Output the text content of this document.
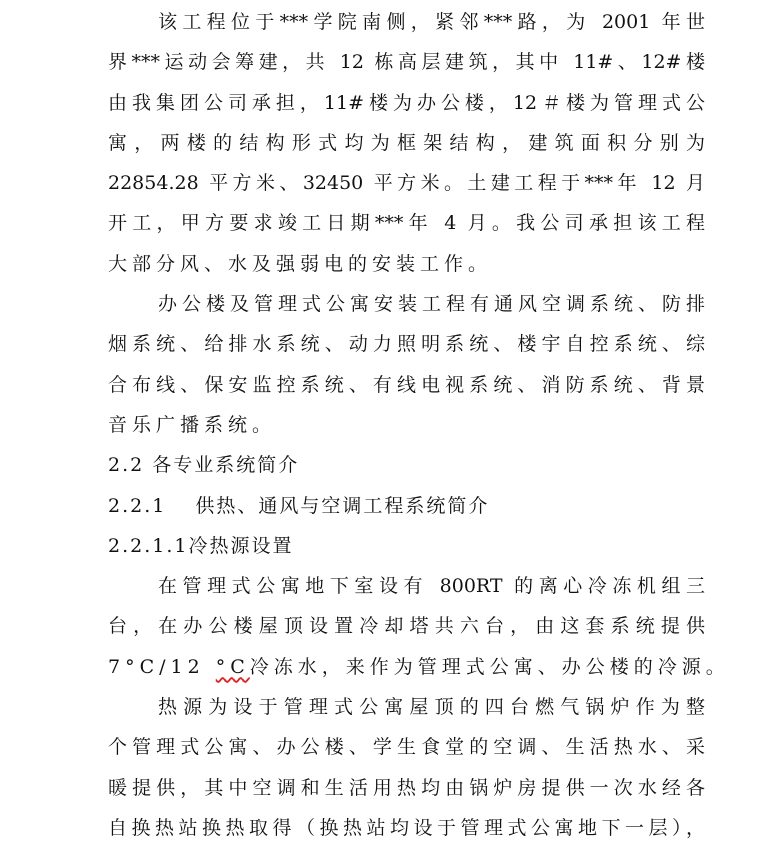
该工程位于***学院南侧，紧邻***路，为 2001 年世
界***运动会筹建，共 12 栋高层建筑，其中 11#、12#楼
由我集团公司承担，11#楼为办公楼，12＃楼为管理式公
寓，两楼的结构形式均为框架结构，建筑面积分别为
22854.28 平方米、32450 平方米。土建工程于***年 12 月
开工，甲方要求竣工日期***年 4 月。我公司承担该工程
大部分风、水及强弱电的安装工作。
办公楼及管理式公寓安装工程有通风空调系统、防排
烟系统、给排水系统、动力照明系统、楼宇自控系统、综
合布线、保安监控系统、有线电视系统、消防系统、背景
音乐广播系统。
2.2 各专业系统简介
2.2.1　 供热、通风与空调工程系统简介
2.2.1.1冷热源设置
在管理式公寓地下室设有 800RT 的离心冷冻机组三
台，在办公楼屋顶设置冷却塔共六台，由这套系统提供
7°C/12 °C冷冻水，来作为管理式公寓、办公楼的冷源。
热源为设于管理式公寓屋顶的四台燃气锅炉作为整
个管理式公寓、办公楼、学生食堂的空调、生活热水、采
暖提供，其中空调和生活用热均由锅炉房提供一次水经各
自换热站换热取得（换热站均设于管理式公寓地下一层），
